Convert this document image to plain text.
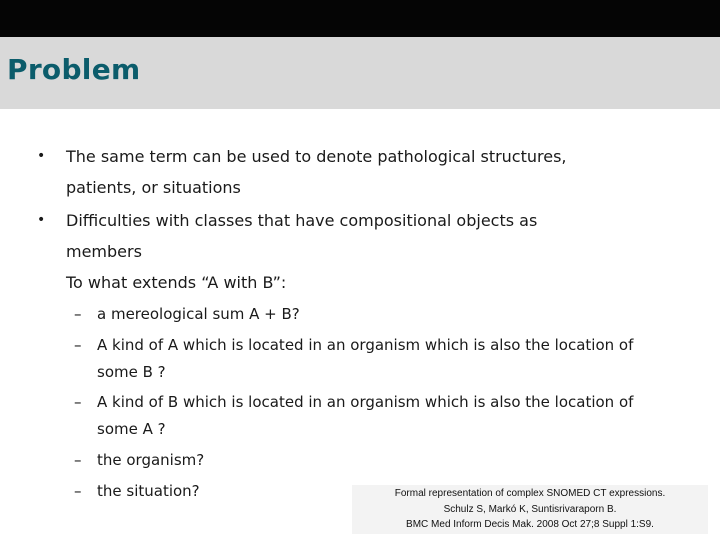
Problem
• The same term can be used to denote pathological structures,
patients, or situations
• Difficulties with classes that have compositional objects as
members
To what extends “A with B”:
– a mereological sum A + B?
– A kind of A which is located in an organism which is also the location of
some B ?
– A kind of B which is located in an organism which is also the location of
some A ?
– the organism?
– the situation?	Formal representation of complex SNOMED CT expressions.
Schulz S, Markó K, Suntisrivaraporn B.
BMC Med Inform Decis Mak. 2008 Oct 27;8 Suppl 1:S9.
